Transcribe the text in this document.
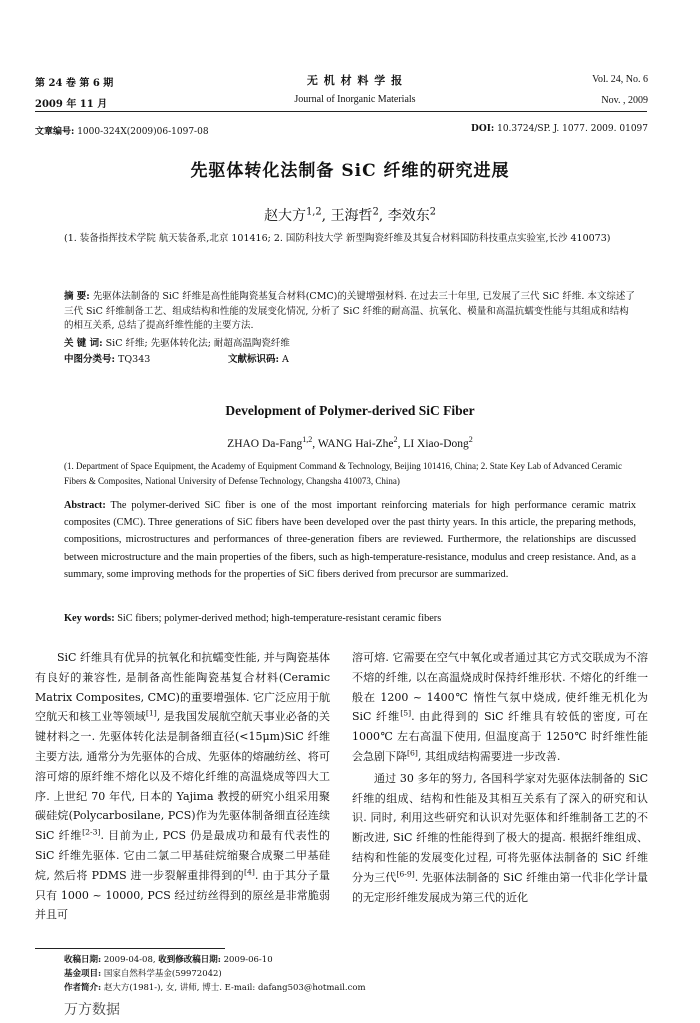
第 24 卷 第 6 期
2009 年 11 月
无 机 材 料 学 报
Journal of Inorganic Materials
Vol. 24, No. 6
Nov. , 2009
文章编号: 1000-324X(2009)06-1097-08	DOI: 10.3724/SP. J. 1077. 2009. 01097
先驱体转化法制备 SiC 纤维的研究进展
赵大方$^{1,2}$, 王海哲$^2$, 李效东$^2$
(1. 装备指挥技术学院 航天装备系,北京 101416; 2. 国防科技大学 新型陶瓷纤维及其复合材料国防科技重点实验室,长沙 410073)
摘 要: 先驱体法制备的 SiC 纤维是高性能陶瓷基复合材料(CMC)的关键增强材料. 在过去三十年里, 已发展了三代 SiC 纤维. 本文综述了三代 SiC 纤维制备工艺、组成结构和性能的发展变化情况, 分析了 SiC 纤维的耐高温、抗氧化、模量和高温抗蠕变性能与其组成和结构的相互关系, 总结了提高纤维性能的主要方法.
关 键 词: SiC 纤维; 先驱体转化法; 耐超高温陶瓷纤维
中图分类号: TQ343	文献标识码: A
Development of Polymer-derived SiC Fiber
ZHAO Da-Fang$^{1,2}$, WANG Hai-Zhe$^2$, LI Xiao-Dong$^2$
(1. Department of Space Equipment, the Academy of Equipment Command & Technology, Beijing 101416, China; 2. State Key Lab of Advanced Ceramic Fibers & Composites, National University of Defense Technology, Changsha 410073, China)
Abstract: The polymer-derived SiC fiber is one of the most important reinforcing materials for high performance ceramic matrix composites (CMC). Three generations of SiC fibers have been developed over the past thirty years. In this article, the preparing methods, compositions, microstructures and performances of three-generation fibers are reviewed. Furthermore, the relationships are discussed between microstructure and the main properties of the fibers, such as high-temperature-resistance, modulus and creep resistance. And, as a summary, some improving methods for the properties of SiC fibers derived from precursor are summarized.
Key words: SiC fibers; polymer-derived method; high-temperature-resistant ceramic fibers

SiC 纤维具有优异的抗氧化和抗蠕变性能, 并与陶瓷基体有良好的兼容性, 是制备高性能陶瓷基复合材料(Ceramic Matrix Composites, CMC)的重要增强体. 它广泛应用于航空航天和核工业等领域[1], 是我国发展航空航天事业必备的关键材料之一. 先驱体转化法是制备细直径(<15μm)SiC 纤维主要方法, 通常分为先驱体的合成、先驱体的熔融纺丝、将可溶可熔的原纤维不熔化以及不熔化纤维的高温烧成等四大工序. 上世纪 70 年代, 日本的 Yajima 教授的研究小组采用聚碳硅烷(Polycarbosilane, PCS)作为先驱体制备细直径连续 SiC 纤维[2-3]. 目前为止, PCS 仍是最成功和最有代表性的 SiC 纤维先驱体. 它由二氯二甲基硅烷缩聚合成聚二甲基硅烷, 然后将 PDMS 进一步裂解重排得到的[4]. 由于其分子量只有 1000 ~ 10000, PCS 经过纺丝得到的原丝是非常脆弱并且可

溶可熔. 它需要在空气中氧化或者通过其它方式交联成为不溶不熔的纤维, 以在高温烧成时保持纤维形状. 不熔化的纤维一般在 1200 ~ 1400℃ 惰性气氛中烧成, 使纤维无机化为 SiC 纤维[5]. 由此得到的 SiC 纤维具有较低的密度, 可在 1000℃ 左右高温下使用, 但温度高于 1250℃ 时纤维性能会急剧下降[6], 其组成结构需要进一步改善.

通过 30 多年的努力, 各国科学家对先驱体法制备的 SiC 纤维的组成、结构和性能及其相互关系有了深入的研究和认识. 同时, 利用这些研究和认识对先驱体和纤维制备工艺的不断改进, SiC 纤维的性能得到了极大的提高. 根据纤维组成、结构和性能的发展变化过程, 可将先驱体法制备的 SiC 纤维分为三代[6-9]. 先驱体法制备的 SiC 纤维由第一代非化学计量的无定形纤维发展成为第三代的近化

收稿日期: 2009-04-08, 收到修改稿日期: 2009-06-10
基金项目: 国家自然科学基金(59972042)
作者简介: 赵大方(1981-), 女, 讲师, 博士. E-mail: dafang503@hotmail.com
万方数据
